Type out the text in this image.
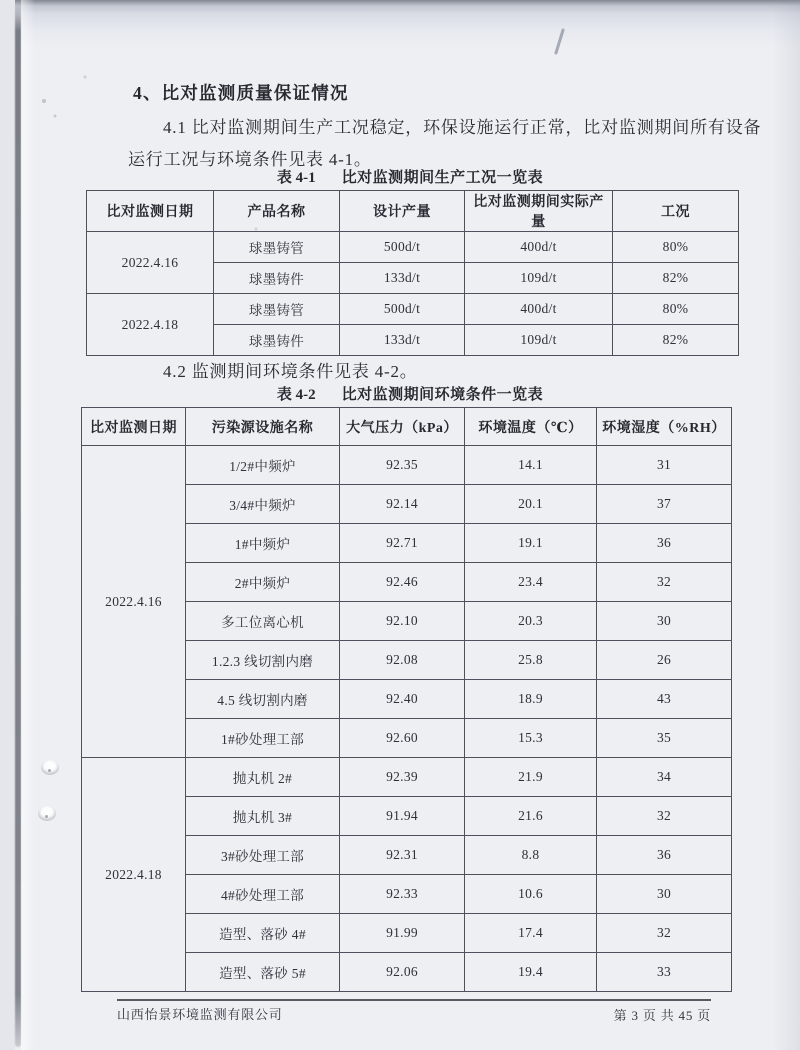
4、比对监测质量保证情况
4.1 比对监测期间生产工况稳定，环保设施运行正常，比对监测期间所有设备
运行工况与环境条件见表 4-1。
表 4-1 比对监测期间生产工况一览表
比对监测日期	产品名称	设计产量	比对监测期间实际产量	工况
2022.4.16	球墨铸管	500d/t	400d/t	80%
	球墨铸件	133d/t	109d/t	82%
2022.4.18	球墨铸管	500d/t	400d/t	80%
	球墨铸件	133d/t	109d/t	82%
4.2 监测期间环境条件见表 4-2。
表 4-2 比对监测期间环境条件一览表
比对监测日期	污染源设施名称	大气压力（kPa）	环境温度（℃）	环境湿度（%RH）
2022.4.16	1/2#中频炉	92.35	14.1	31
	3/4#中频炉	92.14	20.1	37
	1#中频炉	92.71	19.1	36
	2#中频炉	92.46	23.4	32
	多工位离心机	92.10	20.3	30
	1.2.3 线切割内磨	92.08	25.8	26
	4.5 线切割内磨	92.40	18.9	43
	1#砂处理工部	92.60	15.3	35
2022.4.18	抛丸机 2#	92.39	21.9	34
	抛丸机 3#	91.94	21.6	32
	3#砂处理工部	92.31	8.8	36
	4#砂处理工部	92.33	10.6	30
	造型、落砂 4#	91.99	17.4	32
	造型、落砂 5#	92.06	19.4	33
山西怡景环境监测有限公司	第 3 页 共 45 页
